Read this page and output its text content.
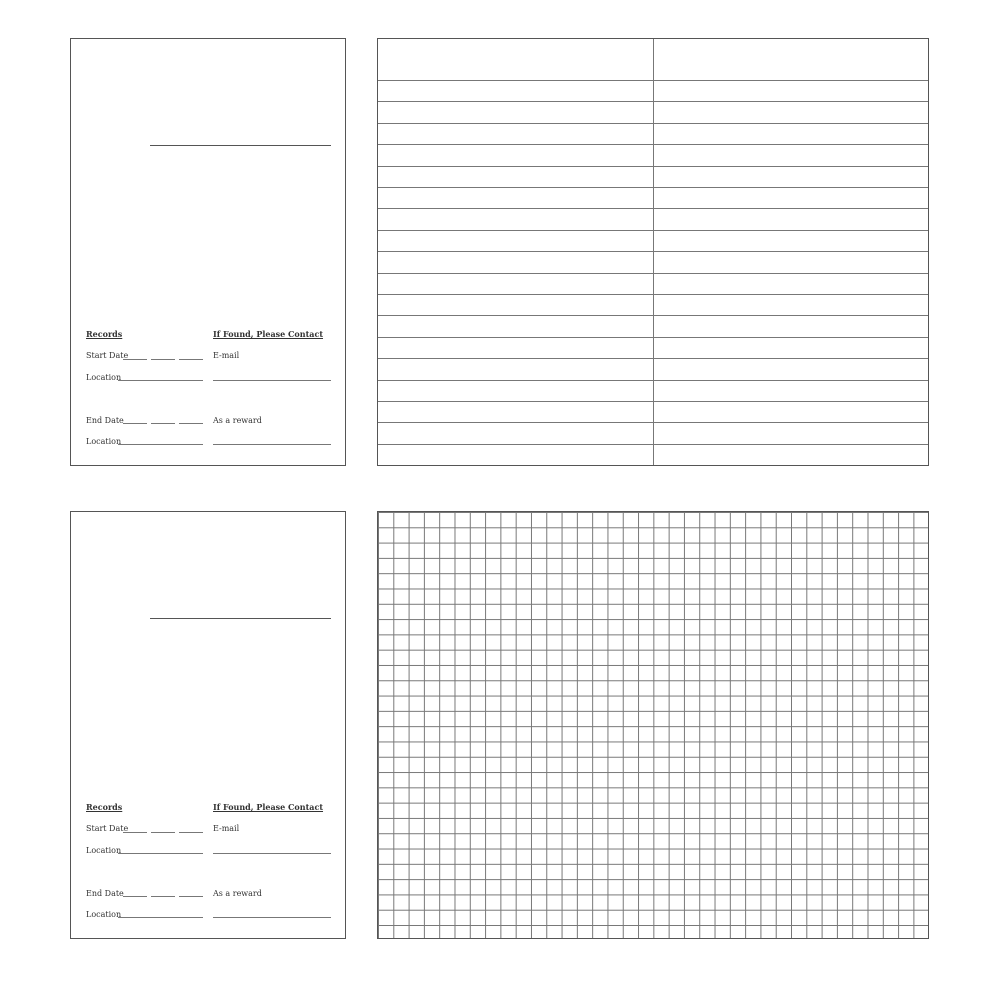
Records	If Found, Please Contact
Start Date	E-mail
Location
End Date	As a reward
Location
Records	If Found, Please Contact
Start Date	E-mail
Location
End Date	As a reward
Location
